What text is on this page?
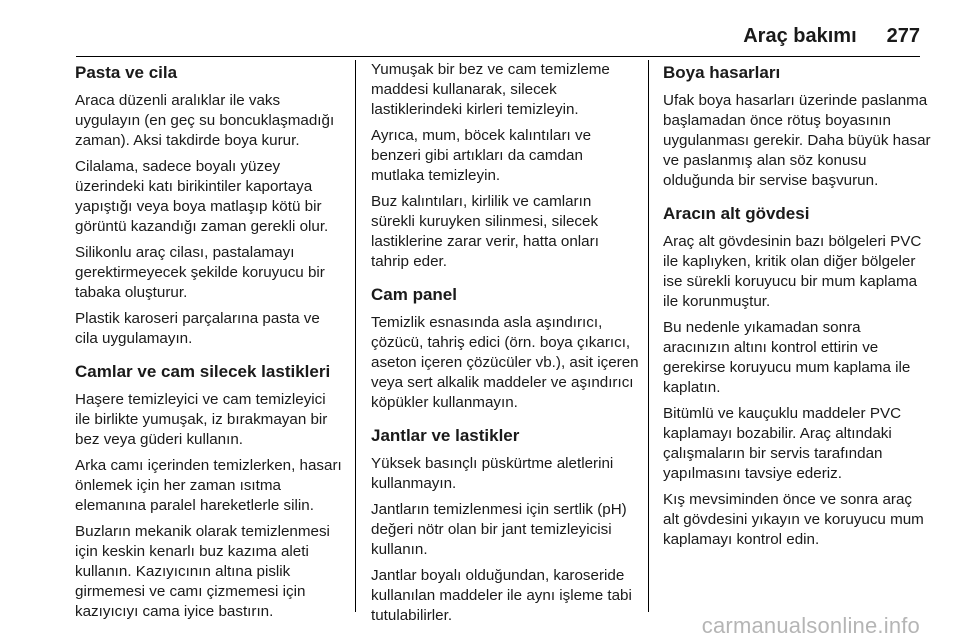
Araç bakımı	277
Pasta ve cila

Araca düzenli aralıklar ile vaks uygulayın (en geç su boncuklaşmadığı zaman). Aksi takdirde boya kurur.

Cilalama, sadece boyalı yüzey üzerindeki katı birikintiler kaportaya yapıştığı veya boya matlaşıp kötü bir görüntü kazandığı zaman gerekli olur.

Silikonlu araç cilası, pastalamayı gerektirmeyecek şekilde koruyucu bir tabaka oluşturur.

Plastik karoseri parçalarına pasta ve cila uygulamayın.

Camlar ve cam silecek lastikleri

Haşere temizleyici ve cam temizleyici ile birlikte yumuşak, iz bırakmayan bir bez veya güderi kullanın.

Arka camı içerinden temizlerken, hasarı önlemek için her zaman ısıtma elemanına paralel hareketlerle silin.

Buzların mekanik olarak temizlenmesi için keskin kenarlı buz kazıma aleti kullanın. Kazıyıcının altına pislik girmemesi ve camı çizmemesi için kazıyıcıyı cama iyice bastırın.

Yumuşak bir bez ve cam temizleme maddesi kullanarak, silecek lastiklerindeki kirleri temizleyin.

Ayrıca, mum, böcek kalıntıları ve benzeri gibi artıkları da camdan mutlaka temizleyin.

Buz kalıntıları, kirlilik ve camların sürekli kuruyken silinmesi, silecek lastiklerine zarar verir, hatta onları tahrip eder.

Cam panel

Temizlik esnasında asla aşındırıcı, çözücü, tahriş edici (örn. boya çıkarıcı, aseton içeren çözücüler vb.), asit içeren veya sert alkalik maddeler ve aşındırıcı köpükler kullanmayın.

Jantlar ve lastikler

Yüksek basınçlı püskürtme aletlerini kullanmayın.

Jantların temizlenmesi için sertlik (pH) değeri nötr olan bir jant temizleyicisi kullanın.

Jantlar boyalı olduğundan, karoseride kullanılan maddeler ile aynı işleme tabi tutulabilirler.

Boya hasarları

Ufak boya hasarları üzerinde paslanma başlamadan önce rötuş boyasının uygulanması gerekir. Daha büyük hasar ve paslanmış alan söz konusu olduğunda bir servise başvurun.

Aracın alt gövdesi

Araç alt gövdesinin bazı bölgeleri PVC ile kaplıyken, kritik olan diğer bölgeler ise sürekli koruyucu bir mum kaplama ile korunmuştur.

Bu nedenle yıkamadan sonra aracınızın altını kontrol ettirin ve gerekirse koruyucu mum kaplama ile kaplatın.

Bitümlü ve kauçuklu maddeler PVC kaplamayı bozabilir. Araç altındaki çalışmaların bir servis tarafından yapılmasını tavsiye ederiz.

Kış mevsiminden önce ve sonra araç alt gövdesini yıkayın ve koruyucu mum kaplamayı kontrol edin.

carmanualsonline.info
